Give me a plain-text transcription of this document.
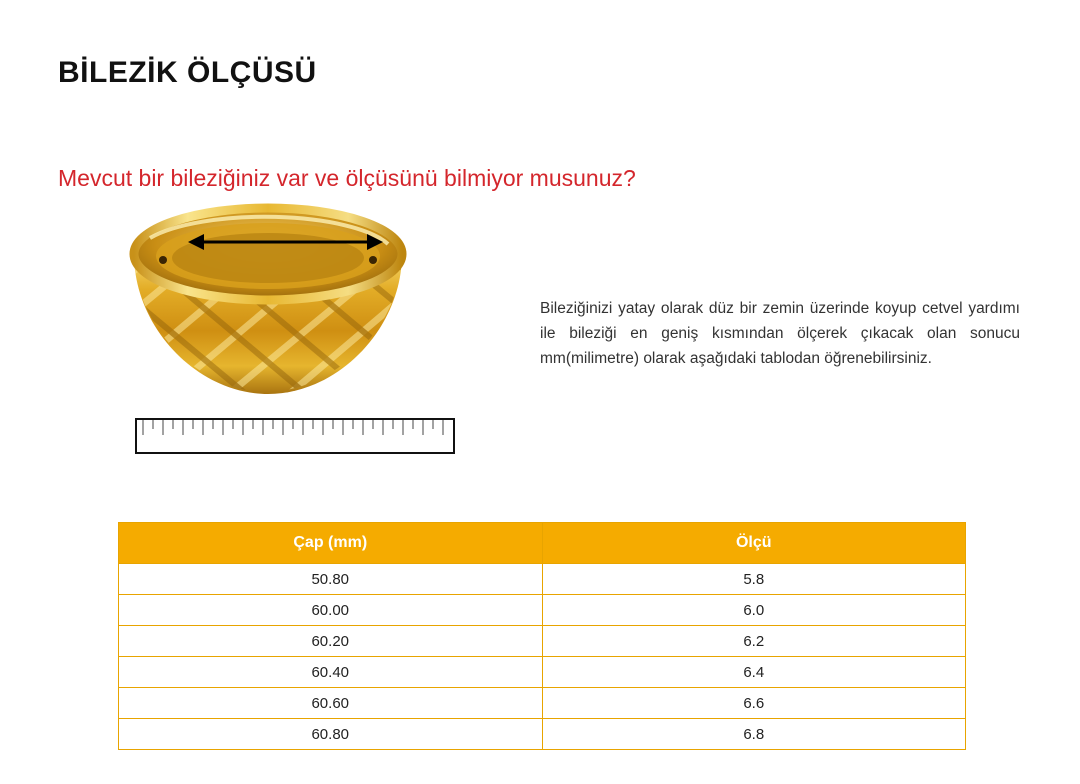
BİLEZİK ÖLÇÜSÜ
Mevcut bir bileziğiniz var ve ölçüsünü bilmiyor musunuz?

Bileziğinizi yatay olarak düz bir zemin üzerinde koyup cetvel yardımı ile bileziği en geniş kısmından ölçerek çıkacak olan sonucu mm(milimetre) olarak aşağıdaki tablodan öğrenebilirsiniz.

Çap (mm)	Ölçü
50.80	5.8
60.00	6.0
60.20	6.2
60.40	6.4
60.60	6.6
60.80	6.8
